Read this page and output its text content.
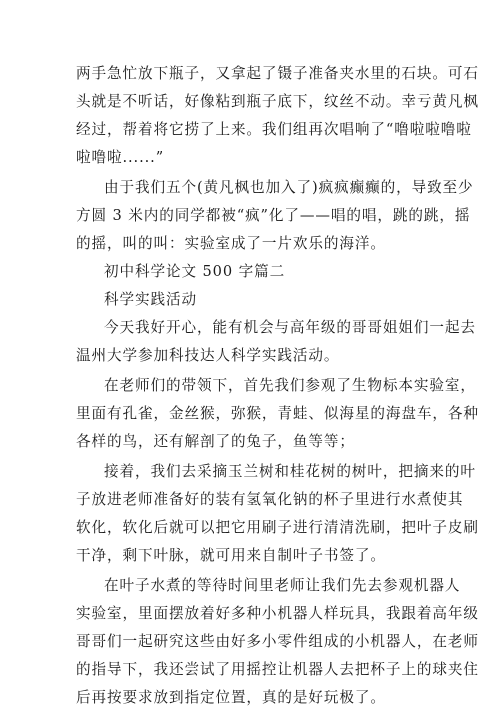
两手急忙放下瓶子，又拿起了镊子准备夹水里的石块。可石
头就是不听话，好像粘到瓶子底下，纹丝不动。幸亏黄凡枫
经过，帮着将它捞了上来。我们组再次唱响了“噜啦啦噜啦
啦噜啦......”
由于我们五个(黄凡枫也加入了)疯疯癫癫的，导致至少
方圆 3 米内的同学都被“疯”化了——唱的唱，跳的跳，摇
的摇，叫的叫：实验室成了一片欢乐的海洋。
初中科学论文 500 字篇二
科学实践活动
今天我好开心，能有机会与高年级的哥哥姐姐们一起去
温州大学参加科技达人科学实践活动。
在老师们的带领下，首先我们参观了生物标本实验室，
里面有孔雀，金丝猴，弥猴，青蛙、似海星的海盘车，各种
各样的鸟，还有解剖了的兔子，鱼等等；
接着，我们去采摘玉兰树和桂花树的树叶，把摘来的叶
子放进老师准备好的装有氢氧化钠的杯子里进行水煮使其
软化，软化后就可以把它用刷子进行清清洗刷，把叶子皮刷
干净，剩下叶脉，就可用来自制叶子书签了。
在叶子水煮的等待时间里老师让我们先去参观机器人
实验室，里面摆放着好多种小机器人样玩具，我跟着高年级
哥哥们一起研究这些由好多小零件组成的小机器人，在老师
的指导下，我还尝试了用摇控让机器人去把杯子上的球夹住
后再按要求放到指定位置，真的是好玩极了。
